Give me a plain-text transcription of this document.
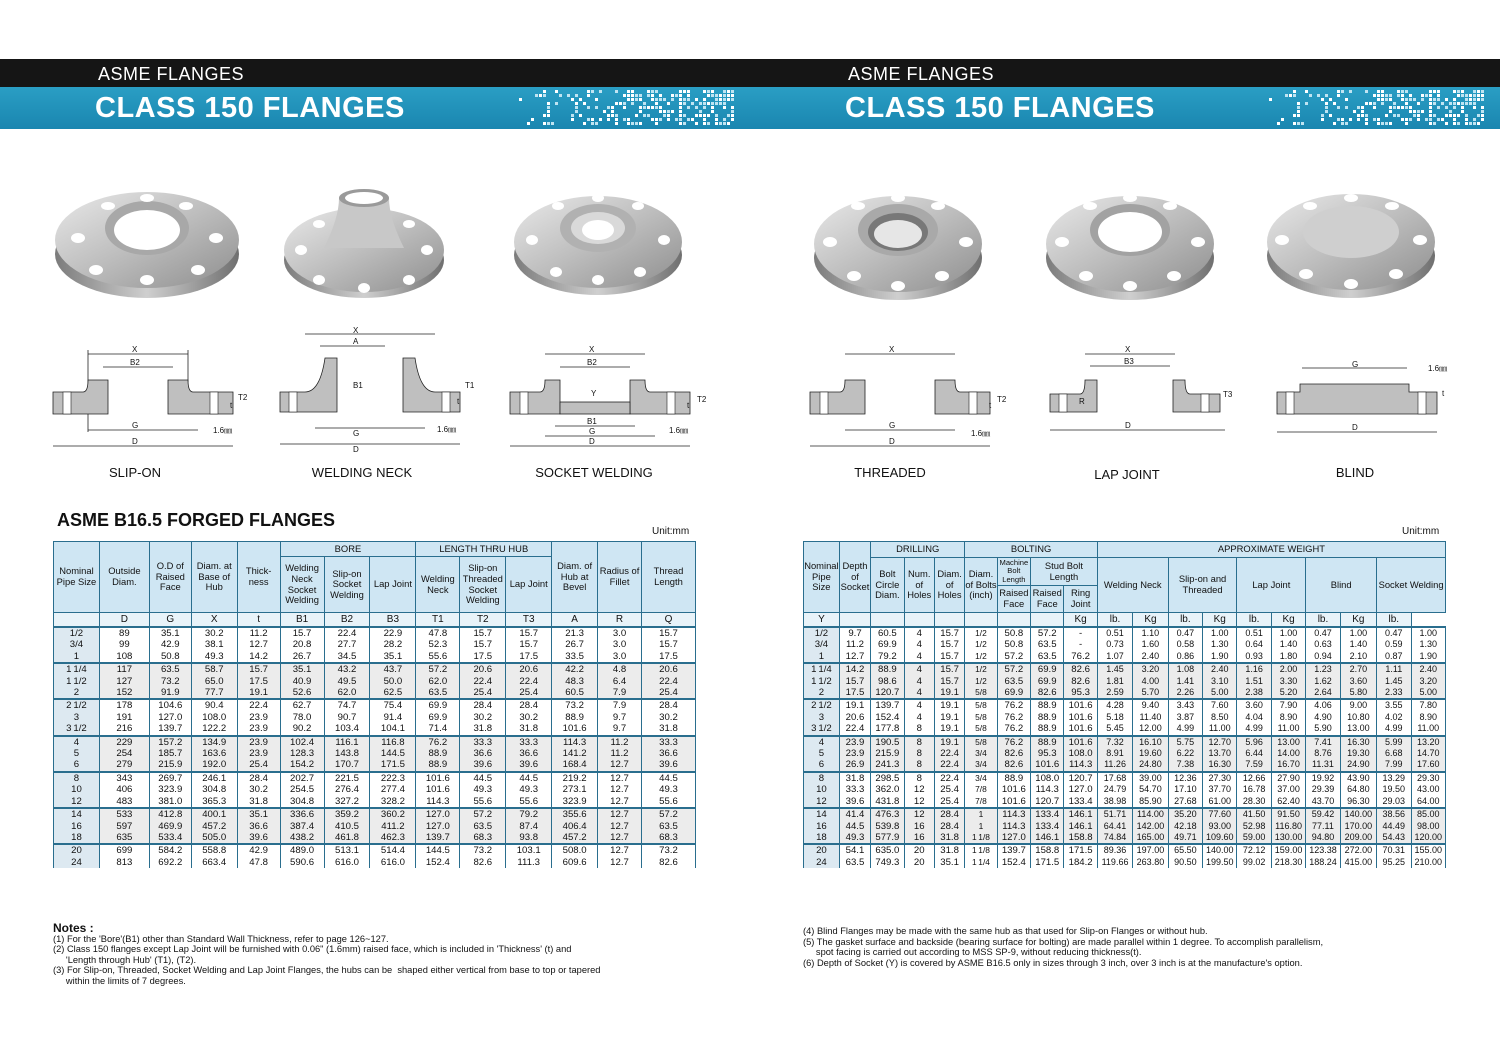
ASME FLANGES
CLASS 150 FLANGES
ASME FLANGES
CLASS 150 FLANGES
X
B2
G
D
T2
t
1.6㎜
X
A
B1
G
D
T1
t
1.6㎜
X
B2
Y
B1
G
D
T2
t
1.6㎜
X
G
D
T2
t
1.6㎜
X
B3
R
D
T3
G
D
t
1.6㎜
SLIP-ON	WELDING NECK	SOCKET WELDING	THREADED	LAP JOINT	BLIND
ASME B16.5 FORGED FLANGES
Unit:mm	Unit:mm
Nominal Pipe Size	Outside Diam.	O.D of Raised Face	Diam. at Base of Hub	Thick- ness	BORE			LENGTH THRU HUB			Diam. of Hub at Bevel	Radius of Fillet	Thread Length
					Welding Neck Socket Welding	Slip-on Socket Welding	Lap Joint	Welding Neck	Slip-on Threaded Socket Welding	Lap Joint			
	D	G	X	t	B1	B2	B3	T1	T2	T3	A	R	Q
1/2	89	35.1	30.2	11.2	15.7	22.4	22.9	47.8	15.7	15.7	21.3	3.0	15.7
3/4	99	42.9	38.1	12.7	20.8	27.7	28.2	52.3	15.7	15.7	26.7	3.0	15.7
1	108	50.8	49.3	14.2	26.7	34.5	35.1	55.6	17.5	17.5	33.5	3.0	17.5
1 1/4	117	63.5	58.7	15.7	35.1	43.2	43.7	57.2	20.6	20.6	42.2	4.8	20.6
1 1/2	127	73.2	65.0	17.5	40.9	49.5	50.0	62.0	22.4	22.4	48.3	6.4	22.4
2	152	91.9	77.7	19.1	52.6	62.0	62.5	63.5	25.4	25.4	60.5	7.9	25.4
2 1/2	178	104.6	90.4	22.4	62.7	74.7	75.4	69.9	28.4	28.4	73.2	7.9	28.4
3	191	127.0	108.0	23.9	78.0	90.7	91.4	69.9	30.2	30.2	88.9	9.7	30.2
3 1/2	216	139.7	122.2	23.9	90.2	103.4	104.1	71.4	31.8	31.8	101.6	9.7	31.8
4	229	157.2	134.9	23.9	102.4	116.1	116.8	76.2	33.3	33.3	114.3	11.2	33.3
5	254	185.7	163.6	23.9	128.3	143.8	144.5	88.9	36.6	36.6	141.2	11.2	36.6
6	279	215.9	192.0	25.4	154.2	170.7	171.5	88.9	39.6	39.6	168.4	12.7	39.6
8	343	269.7	246.1	28.4	202.7	221.5	222.3	101.6	44.5	44.5	219.2	12.7	44.5
10	406	323.9	304.8	30.2	254.5	276.4	277.4	101.6	49.3	49.3	273.1	12.7	49.3
12	483	381.0	365.3	31.8	304.8	327.2	328.2	114.3	55.6	55.6	323.9	12.7	55.6
14	533	412.8	400.1	35.1	336.6	359.2	360.2	127.0	57.2	79.2	355.6	12.7	57.2
16	597	469.9	457.2	36.6	387.4	410.5	411.2	127.0	63.5	87.4	406.4	12.7	63.5
18	635	533.4	505.0	39.6	438.2	461.8	462.3	139.7	68.3	93.8	457.2	12.7	68.3
20	699	584.2	558.8	42.9	489.0	513.1	514.4	144.5	73.2	103.1	508.0	12.7	73.2
24	813	692.2	663.4	47.8	590.6	616.0	616.0	152.4	82.6	111.3	609.6	12.7	82.6
Nominal Pipe Size	Depth of Socket	DRILLING			BOLTING				APPROXIMATE WEIGHT									
		Bolt Circle Diam.	Num. of Holes	Diam. of Holes	Diam. of Bolts (inch)	Machine Bolt Length	Stud Bolt Length		Welding Neck		Slip-on and Threaded		Lap Joint		Blind		Socket Welding	
						Raised Face	Raised Face	Ring Joint										
Y								Kg	lb.	Kg	lb.	Kg	lb.	Kg	lb.	Kg	lb.	
1/2	9.7	60.5	4	15.7	1/2	50.8	57.2	-	0.51	1.10	0.47	1.00	0.51	1.00	0.47	1.00	0.47	1.00
3/4	11.2	69.9	4	15.7	1/2	50.8	63.5	-	0.73	1.60	0.58	1.30	0.64	1.40	0.63	1.40	0.59	1.30
1	12.7	79.2	4	15.7	1/2	57.2	63.5	76.2	1.07	2.40	0.86	1.90	0.93	1.80	0.94	2.10	0.87	1.90
1 1/4	14.2	88.9	4	15.7	1/2	57.2	69.9	82.6	1.45	3.20	1.08	2.40	1.16	2.00	1.23	2.70	1.11	2.40
1 1/2	15.7	98.6	4	15.7	1/2	63.5	69.9	82.6	1.81	4.00	1.41	3.10	1.51	3.30	1.62	3.60	1.45	3.20
2	17.5	120.7	4	19.1	5/8	69.9	82.6	95.3	2.59	5.70	2.26	5.00	2.38	5.20	2.64	5.80	2.33	5.00
2 1/2	19.1	139.7	4	19.1	5/8	76.2	88.9	101.6	4.28	9.40	3.43	7.60	3.60	7.90	4.06	9.00	3.55	7.80
3	20.6	152.4	4	19.1	5/8	76.2	88.9	101.6	5.18	11.40	3.87	8.50	4.04	8.90	4.90	10.80	4.02	8.90
3 1/2	22.4	177.8	8	19.1	5/8	76.2	88.9	101.6	5.45	12.00	4.99	11.00	4.99	11.00	5.90	13.00	4.99	11.00
4	23.9	190.5	8	19.1	5/8	76.2	88.9	101.6	7.32	16.10	5.75	12.70	5.96	13.00	7.41	16.30	5.99	13.20
5	23.9	215.9	8	22.4	3/4	82.6	95.3	108.0	8.91	19.60	6.22	13.70	6.44	14.00	8.76	19.30	6.68	14.70
6	26.9	241.3	8	22.4	3/4	82.6	101.6	114.3	11.26	24.80	7.38	16.30	7.59	16.70	11.31	24.90	7.99	17.60
8	31.8	298.5	8	22.4	3/4	88.9	108.0	120.7	17.68	39.00	12.36	27.30	12.66	27.90	19.92	43.90	13.29	29.30
10	33.3	362.0	12	25.4	7/8	101.6	114.3	127.0	24.79	54.70	17.10	37.70	16.78	37.00	29.39	64.80	19.50	43.00
12	39.6	431.8	12	25.4	7/8	101.6	120.7	133.4	38.98	85.90	27.68	61.00	28.30	62.40	43.70	96.30	29.03	64.00
14	41.4	476.3	12	28.4	1	114.3	133.4	146.1	51.71	114.00	35.20	77.60	41.50	91.50	59.42	140.00	38.56	85.00
16	44.5	539.8	16	28.4	1	114.3	133.4	146.1	64.41	142.00	42.18	93.00	52.98	116.80	77.11	170.00	44.49	98.00
18	49.3	577.9	16	31.8	1 1/8	127.0	146.1	158.8	74.84	165.00	49.71	109.60	59.00	130.00	94.80	209.00	54.43	120.00
20	54.1	635.0	20	31.8	1 1/8	139.7	158.8	171.5	89.36	197.00	65.50	140.00	72.12	159.00	123.38	272.00	70.31	155.00
24	63.5	749.3	20	35.1	1 1/4	152.4	171.5	184.2	119.66	263.80	90.50	199.50	99.02	218.30	188.24	415.00	95.25	210.00
Notes :
(1) For the 'Bore'(B1) other than Standard Wall Thickness, refer to page 126~127.
(2) Class 150 flanges except Lap Joint will be furnished with 0.06" (1.6mm) raised face, which is included in 'Thickness' (t) and
'Length through Hub' (T1), (T2).
(3) For Slip-on, Threaded, Socket Welding and Lap Joint Flanges, the hubs can be  shaped either vertical from base to top or tapered
within the limits of 7 degrees.
(4) Blind Flanges may be made with the same hub as that used for Slip-on Flanges or without hub.
(5) The gasket surface and backside (bearing surface for bolting) are made parallel within 1 degree. To accomplish parallelism,
spot facing is carried out according to MSS SP-9, without reducing thickness(t).
(6) Depth of Socket (Y) is covered by ASME B16.5 only in sizes through 3 inch, over 3 inch is at the manufacture's option.
